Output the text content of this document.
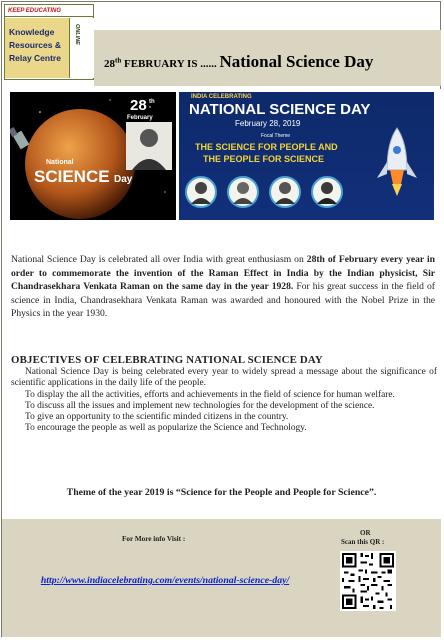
KEEP EDUCATING
Knowledge
Resources &
Relay Centre
ONLINE
28th FEBRUARY IS ...... National Science Day
28 th
February
National
SCIENCE Day
INDIA CELEBRATING
NATIONAL SCIENCE DAY
February 28, 2019
Focal Theme
THE SCIENCE FOR PEOPLE AND
THE PEOPLE FOR SCIENCE

National Science Day is celebrated all over India with great enthusiasm on 28th of February every year in order to commemorate the invention of the Raman Effect in India by the Indian physicist, Sir Chandrasekhara Venkata Raman on the same day in the year 1928. For his great success in the field of science in India, Chandrasekhara Venkata Raman was awarded and honoured with the Nobel Prize in the Physics in the year 1930.

OBJECTIVES OF CELEBRATING NATIONAL SCIENCE DAY
National Science Day is being celebrated every year to widely spread a message about the significance of scientific applications in the daily life of the people.
To display the all the activities, efforts and achievements in the field of science for human welfare.
To discuss all the issues and implement new technologies for the development of the science.
To give an opportunity to the scientific minded citizens in the country.
To encourage the people as well as popularize the Science and Technology.
Theme of the year 2019 is “Science for the People and People for Science”.
For More info Visit :
http://www.indiacelebrating.com/events/national-science-day/
OR
Scan this QR :
